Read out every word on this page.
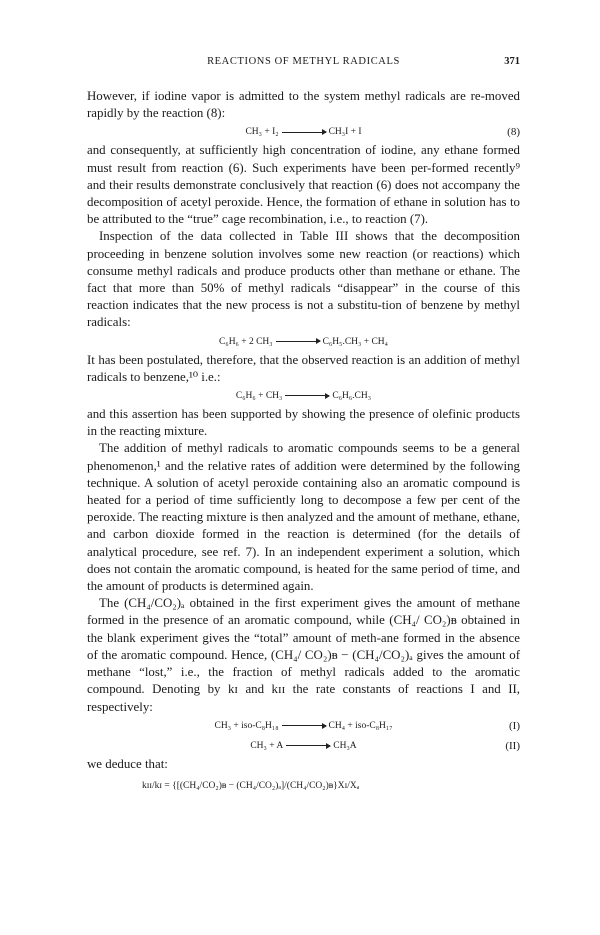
REACTIONS OF METHYL RADICALS	371

However, if iodine vapor is admitted to the system methyl radicals are re-moved rapidly by the reaction (8):

CH₃ + I₂	CH₃I + I	(8)

and consequently, at sufficiently high concentration of iodine, any ethane formed must result from reaction (6). Such experiments have been per-formed recently⁹ and their results demonstrate conclusively that reaction (6) does not accompany the decomposition of acetyl peroxide. Hence, the formation of ethane in solution has to be attributed to the “true” cage recombination, i.e., to reaction (7).

Inspection of the data collected in Table III shows that the decomposition proceeding in benzene solution involves some new reaction (or reactions) which consume methyl radicals and produce products other than methane or ethane. The fact that more than 50% of methyl radicals “disappear” in the course of this reaction indicates that the new process is not a substitu-tion of benzene by methyl radicals:

C₆H₆ + 2 CH₃	C₆H₅.CH₃ + CH₄

It has been postulated, therefore, that the observed reaction is an addition of methyl radicals to benzene,¹⁰ i.e.:

C₆H₆ + CH₃	C₆H₆.CH₃

and this assertion has been supported by showing the presence of olefinic products in the reacting mixture.

The addition of methyl radicals to aromatic compounds seems to be a general phenomenon,¹ and the relative rates of addition were determined by the following technique. A solution of acetyl peroxide containing also an aromatic compound is heated for a period of time sufficiently long to decompose a few per cent of the peroxide. The reacting mixture is then analyzed and the amount of methane, ethane, and carbon dioxide formed in the reaction is determined (for the details of analytical procedure, see ref. 7). In an independent experiment a solution, which does not contain the aromatic compound, is heated for the same period of time, and the amount of products is determined again.

The (CH₄/CO₂)ₐ obtained in the first experiment gives the amount of methane formed in the presence of an aromatic compound, while (CH₄/ CO₂)ᴃ obtained in the blank experiment gives the “total” amount of meth-ane formed in the absence of the aromatic compound. Hence, (CH₄/ CO₂)ᴃ − (CH₄/CO₂)ₐ gives the amount of methane “lost,” i.e., the fraction of methyl radicals added to the aromatic compound. Denoting by kɪ and kɪɪ the rate constants of reactions I and II, respectively:

CH₃ + iso-C₈H₁₈	CH₄ + iso-C₈H₁₇	(I)
CH₃ + A	CH₃A	(II)

we deduce that:

kɪɪ/kɪ = {[(CH₄/CO₂)ᴃ − (CH₄/CO₂)ₐ]/(CH₄/CO₂)ᴃ}Xɪ/Xₐ
